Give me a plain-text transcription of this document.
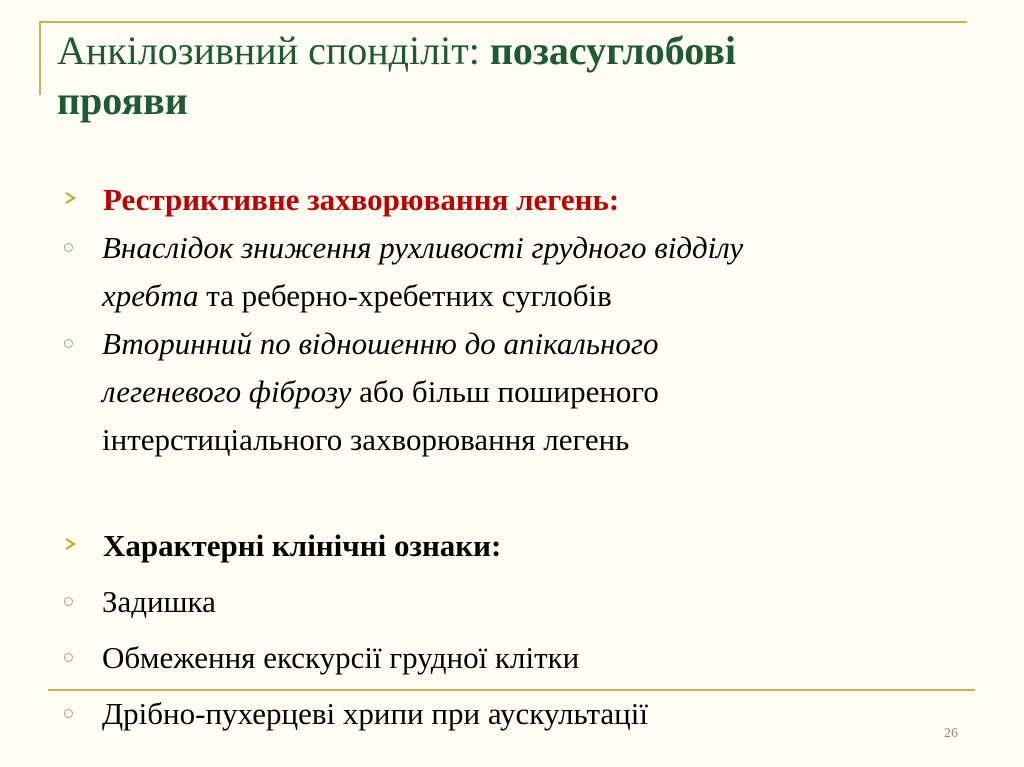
Анкілозивний спонділіт: позасуглобові
прояви
Рестриктивне захворювання легень:
Внаслідок зниження рухливості грудного відділу
хребта та реберно-хребетних суглобів
Вторинний по відношенню до апікального
легеневого фіброзу або більш поширеного
інтерстиціального захворювання легень
Характерні клінічні ознаки:
Задишка
Обмеження екскурсії грудної клітки
Дрібно-пухерцеві хрипи при аускультації
26
